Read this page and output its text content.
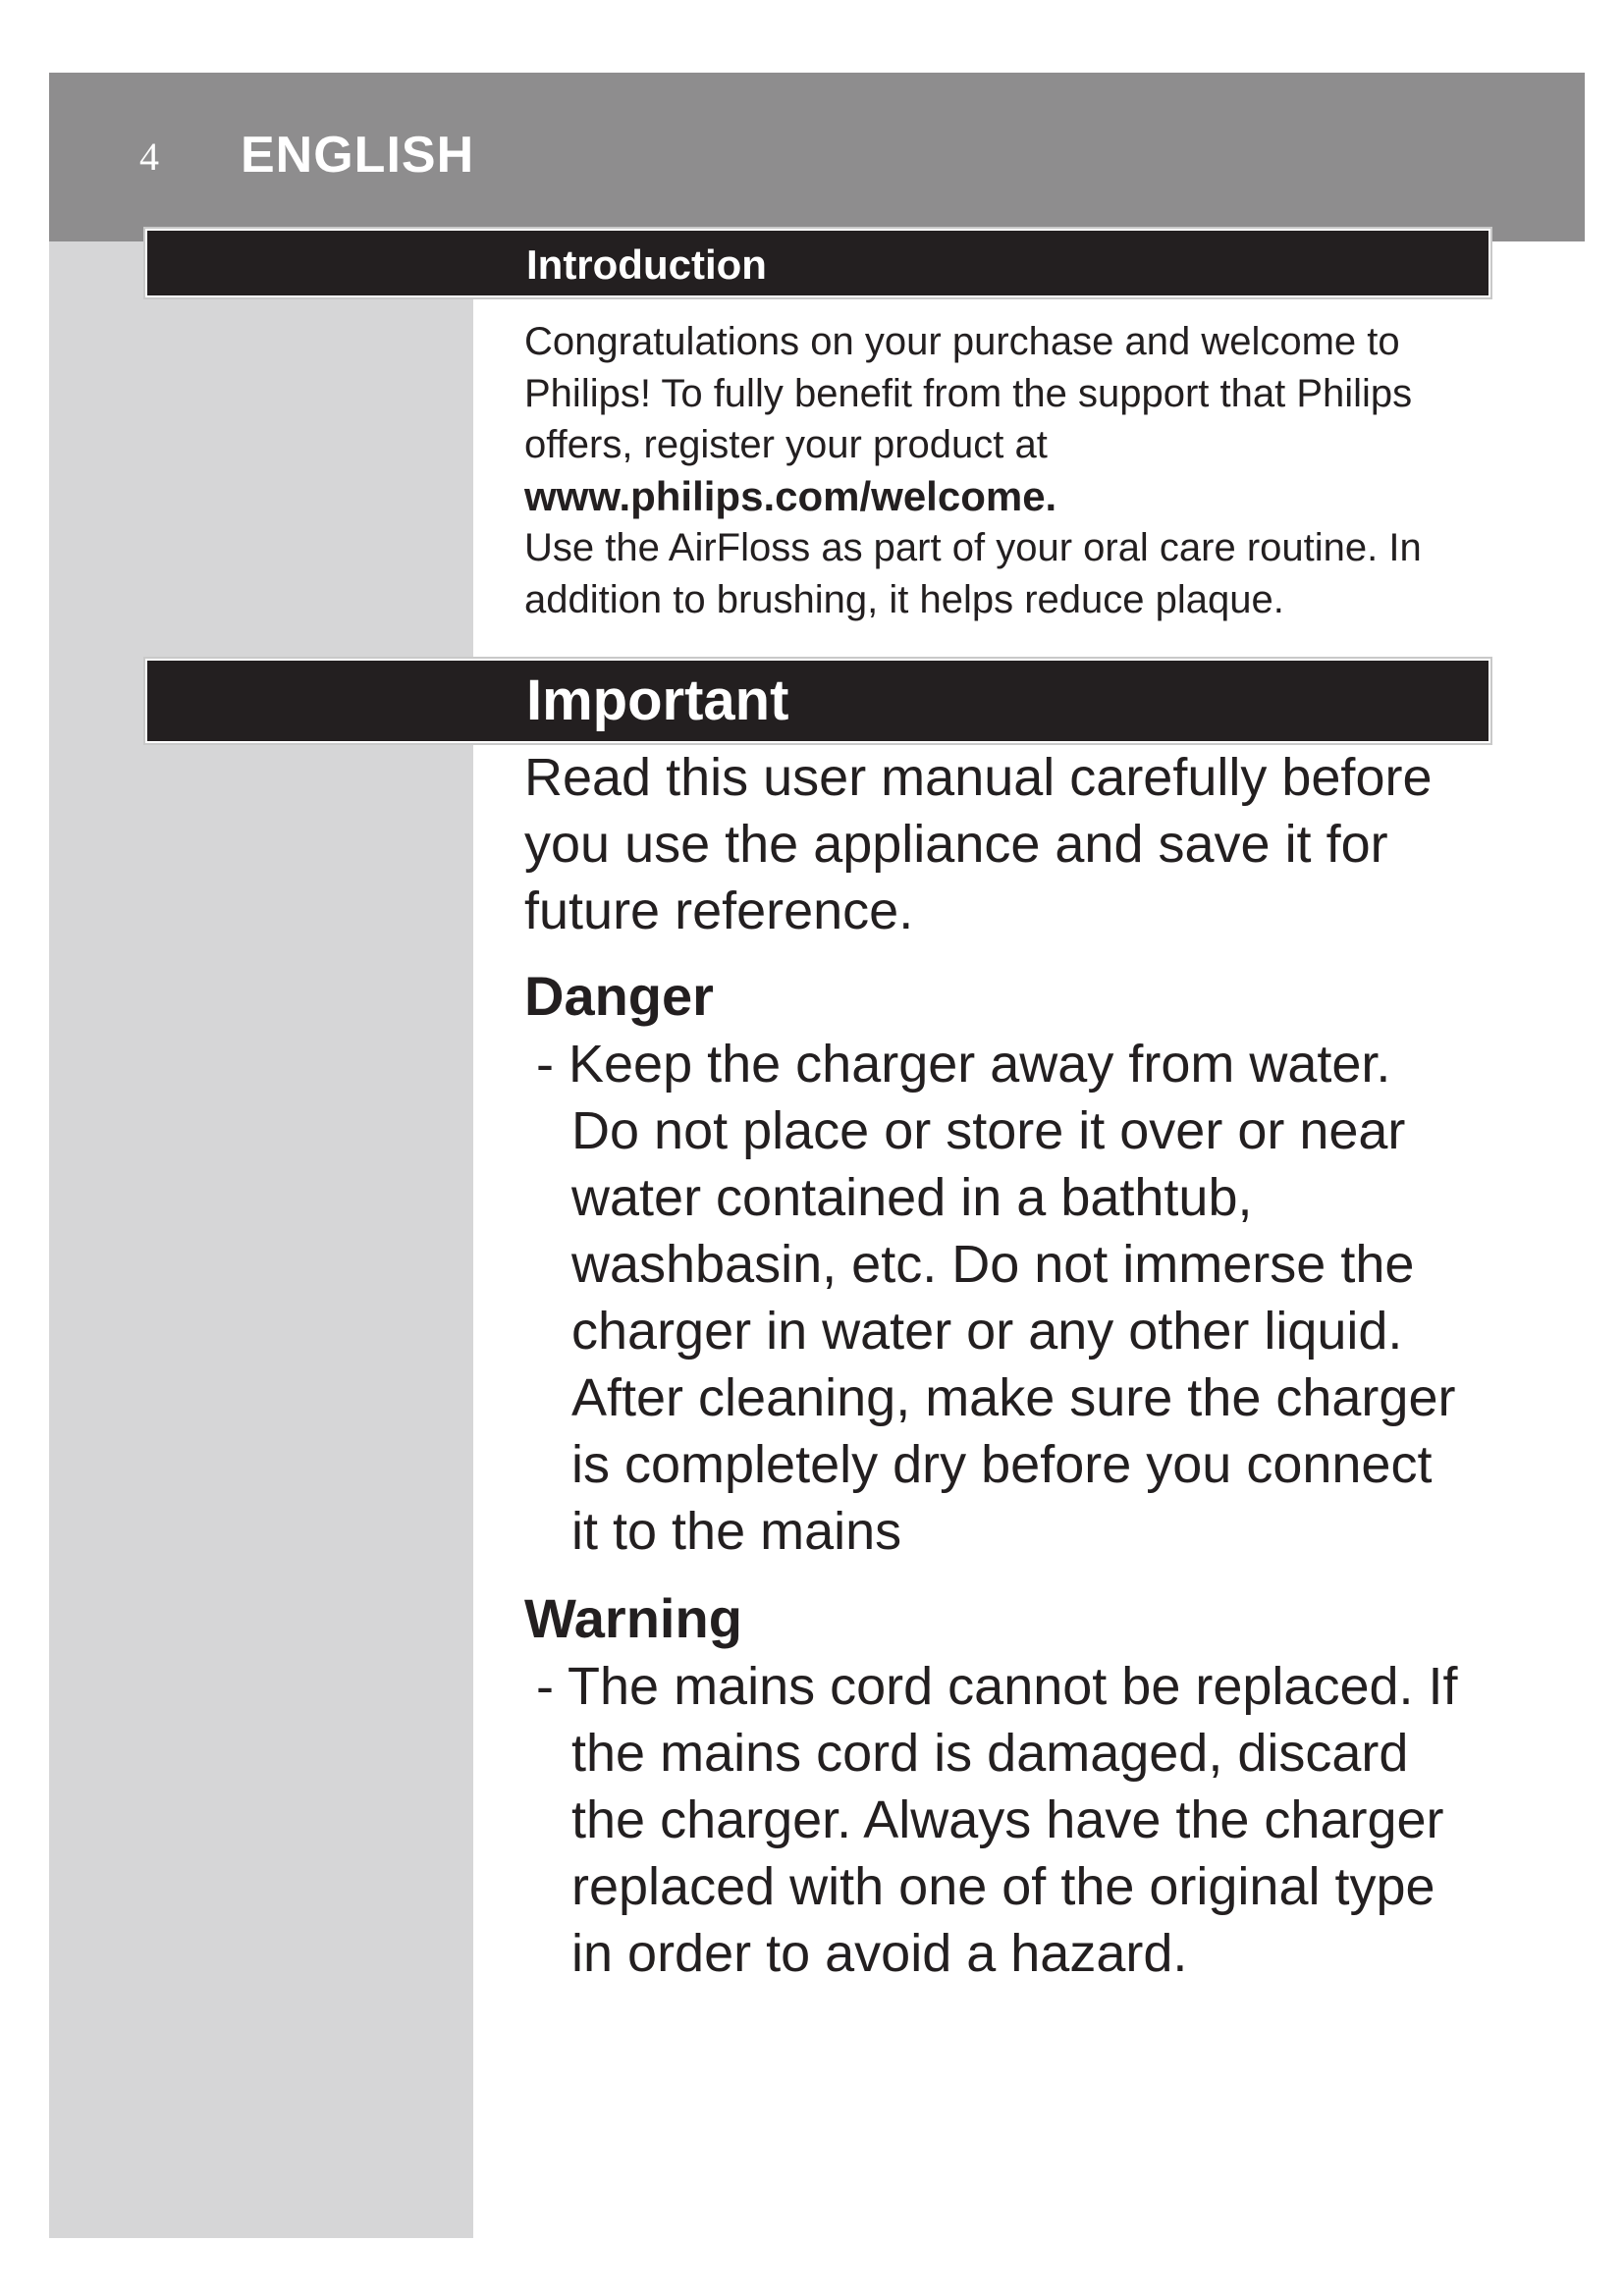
4 ENGLISH
Introduction

Congratulations on your purchase and welcome to Philips! To fully benefit from the support that Philips offers, register your product at

www.philips.com/welcome.

Use the AirFloss as part of your oral care routine. In addition to brushing, it helps reduce plaque.

Important

Read this user manual carefully before you use the appliance and save it for future reference.

Danger

- Keep the charger away from water. Do not place or store it over or near water contained in a bathtub, washbasin, etc. Do not immerse the charger in water or any other liquid. After cleaning, make sure the charger is completely dry before you connect it to the mains

Warning

- The mains cord cannot be replaced. If the mains cord is damaged, discard the charger. Always have the charger replaced with one of the original type in order to avoid a hazard.
